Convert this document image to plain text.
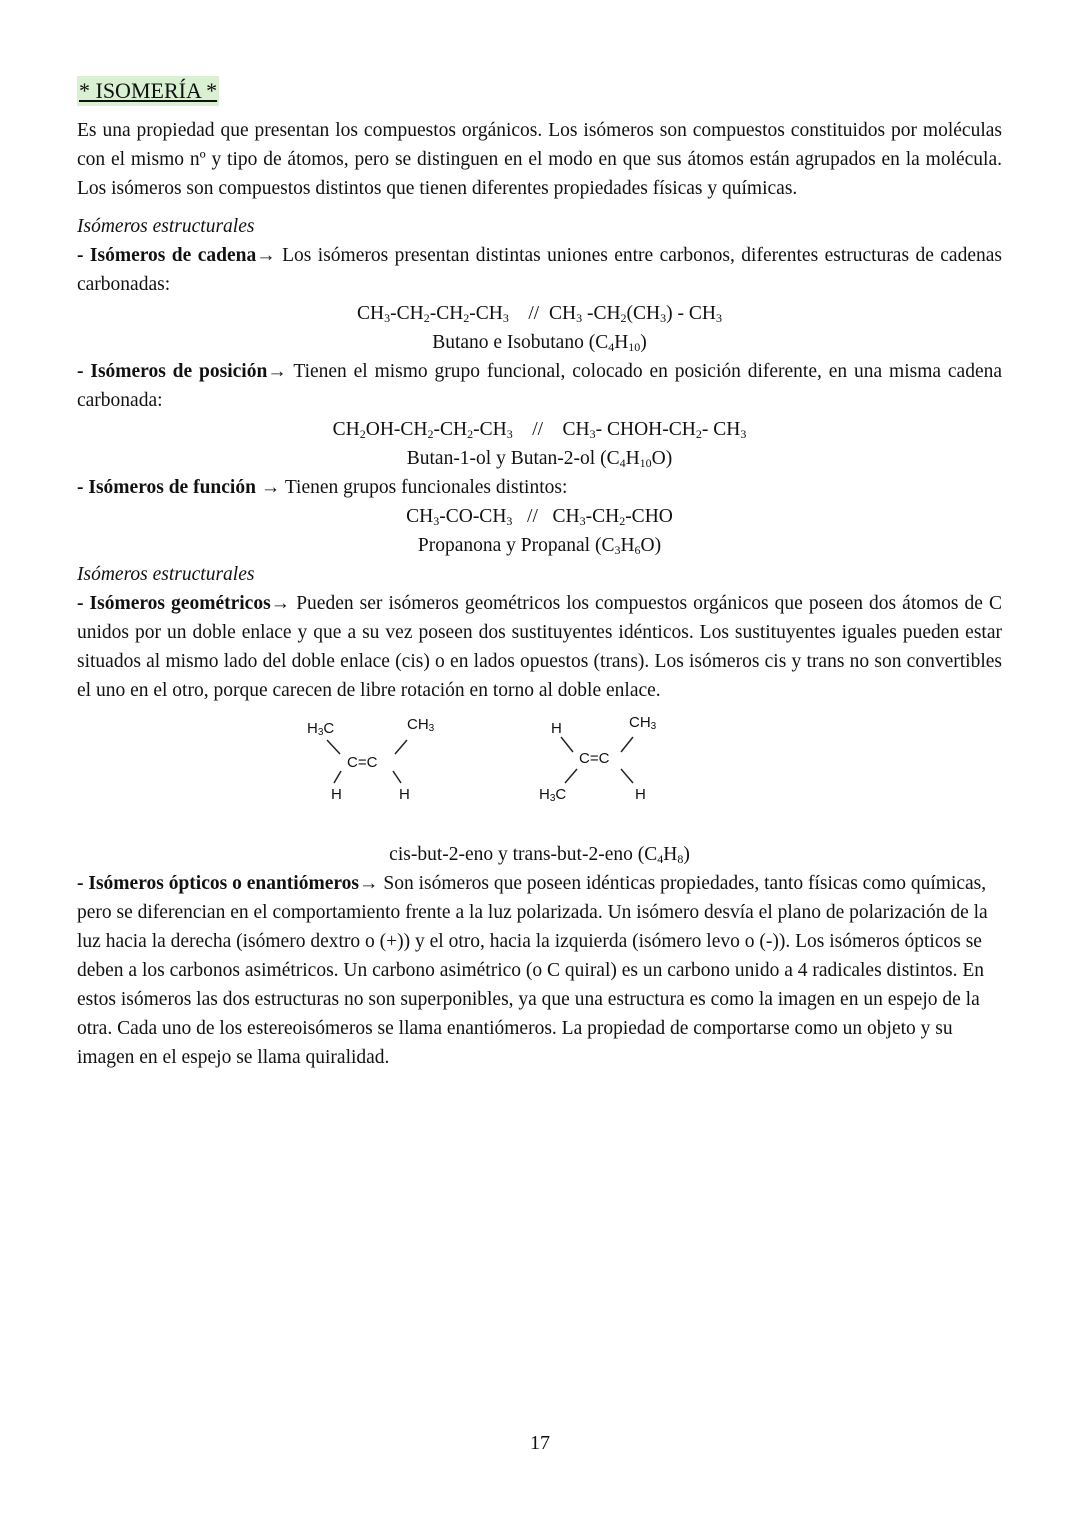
* ISOMERÍA *

Es una propiedad que presentan los compuestos orgánicos. Los isómeros son compuestos constituidos por moléculas con el mismo nº y tipo de átomos, pero se distinguen en el modo en que sus átomos están agrupados en la molécula. Los isómeros son compuestos distintos que tienen diferentes propiedades físicas y químicas.

Isómeros estructurales

- Isómeros de cadena→ Los isómeros presentan distintas uniones entre carbonos, diferentes estructuras de cadenas carbonadas:

$CH_3-CH_2-CH_2-CH_3$    //  $CH_3$ $-CH_2(CH_3) - CH_3$
Butano e Isobutano $(C_4H_{10})$

- Isómeros de posición→ Tienen el mismo grupo funcional, colocado en posición diferente, en una misma cadena carbonada:

$CH_2OH-CH_2-CH_2-CH_3$    //    $CH_3-$ CHOH-$CH_2-$ $CH_3$
Butan-1-ol y Butan-2-ol $(C_4H_{10}O)$

- Isómeros de función → Tienen grupos funcionales distintos:

$CH_3-CO-CH_3 // CH_3-CH_2-CHO$
Propanona y Propanal $(C_3H_6O)$

Isómeros estructurales

- Isómeros geométricos→ Pueden ser isómeros geométricos los compuestos orgánicos que poseen dos átomos de C unidos por un doble enlace y que a su vez poseen dos sustituyentes idénticos. Los sustituyentes iguales pueden estar situados al mismo lado del doble enlace (cis) o en lados opuestos (trans). Los isómeros cis y trans no son convertibles el uno en el otro, porque carecen de libre rotación en torno al doble enlace.

$H_3C$	$CH_3$
C=C
H	H
H	$CH_3$
C=C
$H_3C$	H
cis-but-2-eno y trans-but-2-eno $(C_4H_8)$

- Isómeros ópticos o enantiómeros→ Son isómeros que poseen idénticas propiedades, tanto físicas como químicas, pero se diferencian en el comportamiento frente a la luz polarizada. Un isómero desvía el plano de polarización de la luz hacia la derecha (isómero dextro o (+)) y el otro, hacia la izquierda (isómero levo o (-)). Los isómeros ópticos se deben a los carbonos asimétricos. Un carbono asimétrico (o C quiral) es un carbono unido a 4 radicales distintos. En estos isómeros las dos estructuras no son superponibles, ya que una estructura es como la imagen en un espejo de la otra. Cada uno de los estereoisómeros se llama enantiómeros. La propiedad de comportarse como un objeto y su imagen en el espejo se llama quiralidad.

17
